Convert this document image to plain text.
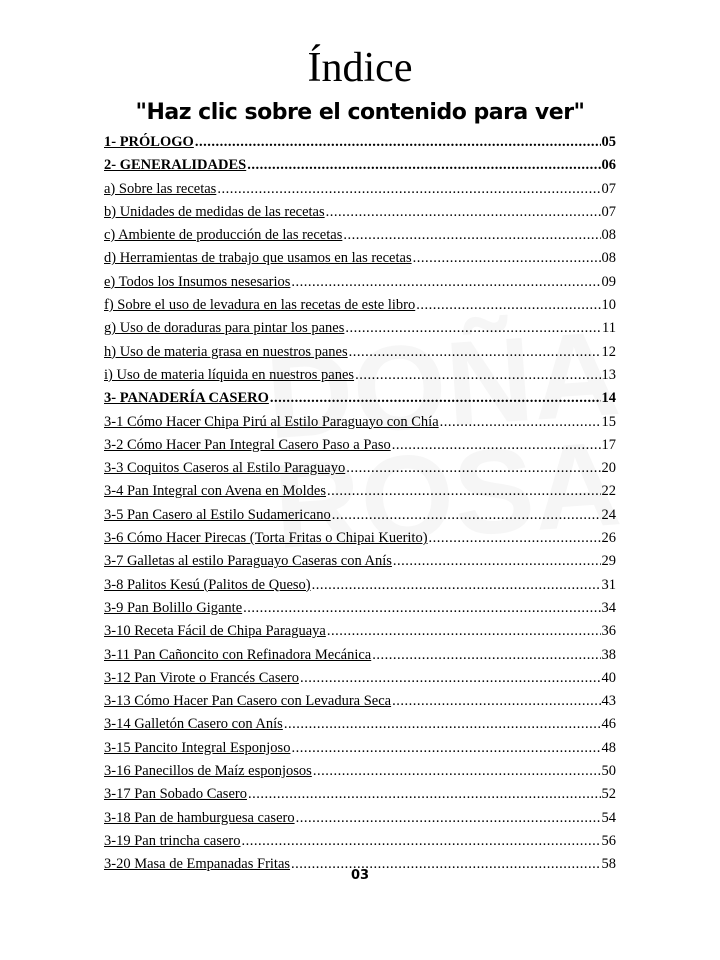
Índice
"Haz clic sobre el contenido para ver"
1- PRÓLOGO .....	05
2- GENERALIDADES .....	06
a) Sobre las recetas .....	07
b) Unidades de medidas de las recetas .....	07
c) Ambiente de producción de las recetas .....	08
d) Herramientas de trabajo que usamos en las recetas .....	08
e) Todos los Insumos nesesarios .....	09
f) Sobre el uso de levadura en las recetas de este libro .....	10
g) Uso de doraduras para pintar los panes .....	11
h) Uso de materia grasa en nuestros panes .....	12
i) Uso de materia líquida en nuestros panes .....	13
3- PANADERÍA CASERO .....	14
3-1 Cómo Hacer Chipa Pirú al Estilo Paraguayo con Chía .....	15
3-2 Cómo Hacer Pan Integral Casero Paso a Paso .....	17
3-3 Coquitos Caseros al Estilo Paraguayo .....	20
3-4 Pan Integral con Avena en Moldes .....	22
3-5 Pan Casero al Estilo Sudamericano .....	24
3-6 Cómo Hacer Pirecas (Torta Fritas o Chipai Kuerito) .....	26
3-7 Galletas al estilo Paraguayo Caseras con Anís .....	29
3-8 Palitos Kesú (Palitos de Queso) .....	31
3-9 Pan Bolillo Gigante .....	34
3-10 Receta Fácil de Chipa Paraguaya .....	36
3-11 Pan Cañoncito con Refinadora Mecánica .....	38
3-12 Pan Virote o Francés Casero .....	40
3-13 Cómo Hacer Pan Casero con Levadura Seca .....	43
3-14 Galletón Casero con Anís .....	46
3-15 Pancito Integral Esponjoso .....	48
3-16 Panecillos de Maíz esponjosos .....	50
3-17 Pan Sobado Casero .....	52
3-18 Pan de hamburguesa casero .....	54
3-19 Pan trincha casero .....	56
3-20 Masa de Empanadas Fritas .....	58
03
